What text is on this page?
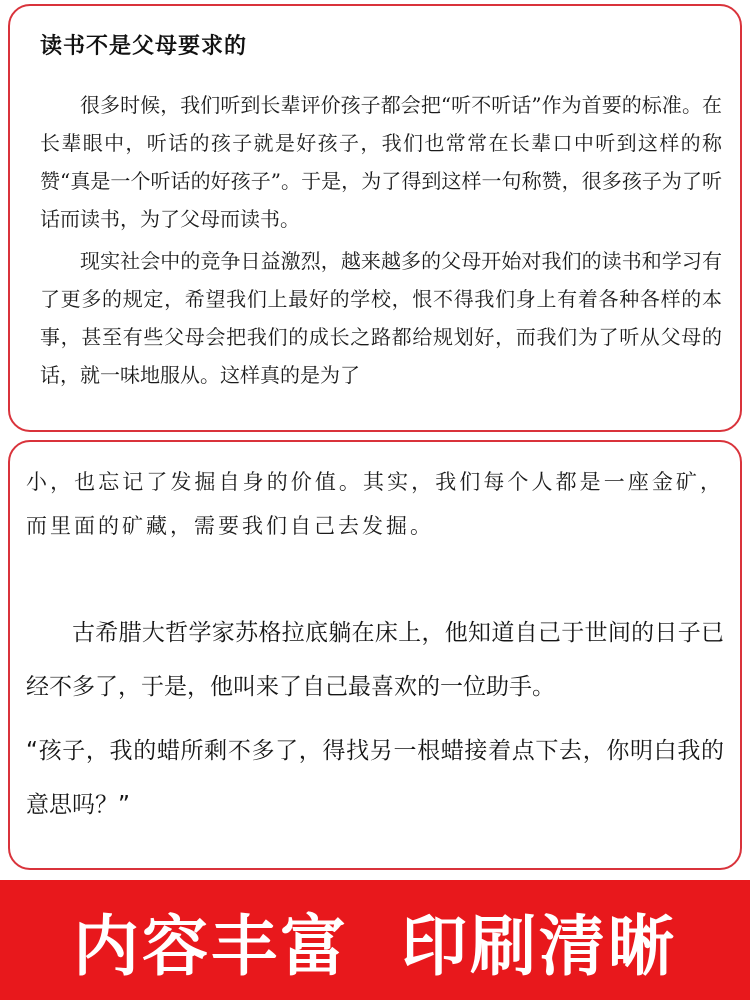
读书不是父母要求的

很多时候，我们听到长辈评价孩子都会把“听不听话”作为首要的标准。在长辈眼中，听话的孩子就是好孩子，我们也常常在长辈口中听到这样的称赞“真是一个听话的好孩子”。于是，为了得到这样一句称赞，很多孩子为了听话而读书，为了父母而读书。

现实社会中的竞争日益激烈，越来越多的父母开始对我们的读书和学习有了更多的规定，希望我们上最好的学校，恨不得我们身上有着各种各样的本事，甚至有些父母会把我们的成长之路都给规划好，而我们为了听从父母的话，就一味地服从。这样真的是为了

小，也忘记了发掘自身的价值。其实，我们每个人都是一座金矿，而里面的矿藏，需要我们自己去发掘。

古希腊大哲学家苏格拉底躺在床上，他知道自己于世间的日子已经不多了，于是，他叫来了自己最喜欢的一位助手。

“孩子，我的蜡所剩不多了，得找另一根蜡接着点下去，你明白我的意思吗？”

内容丰富  印刷清晰
